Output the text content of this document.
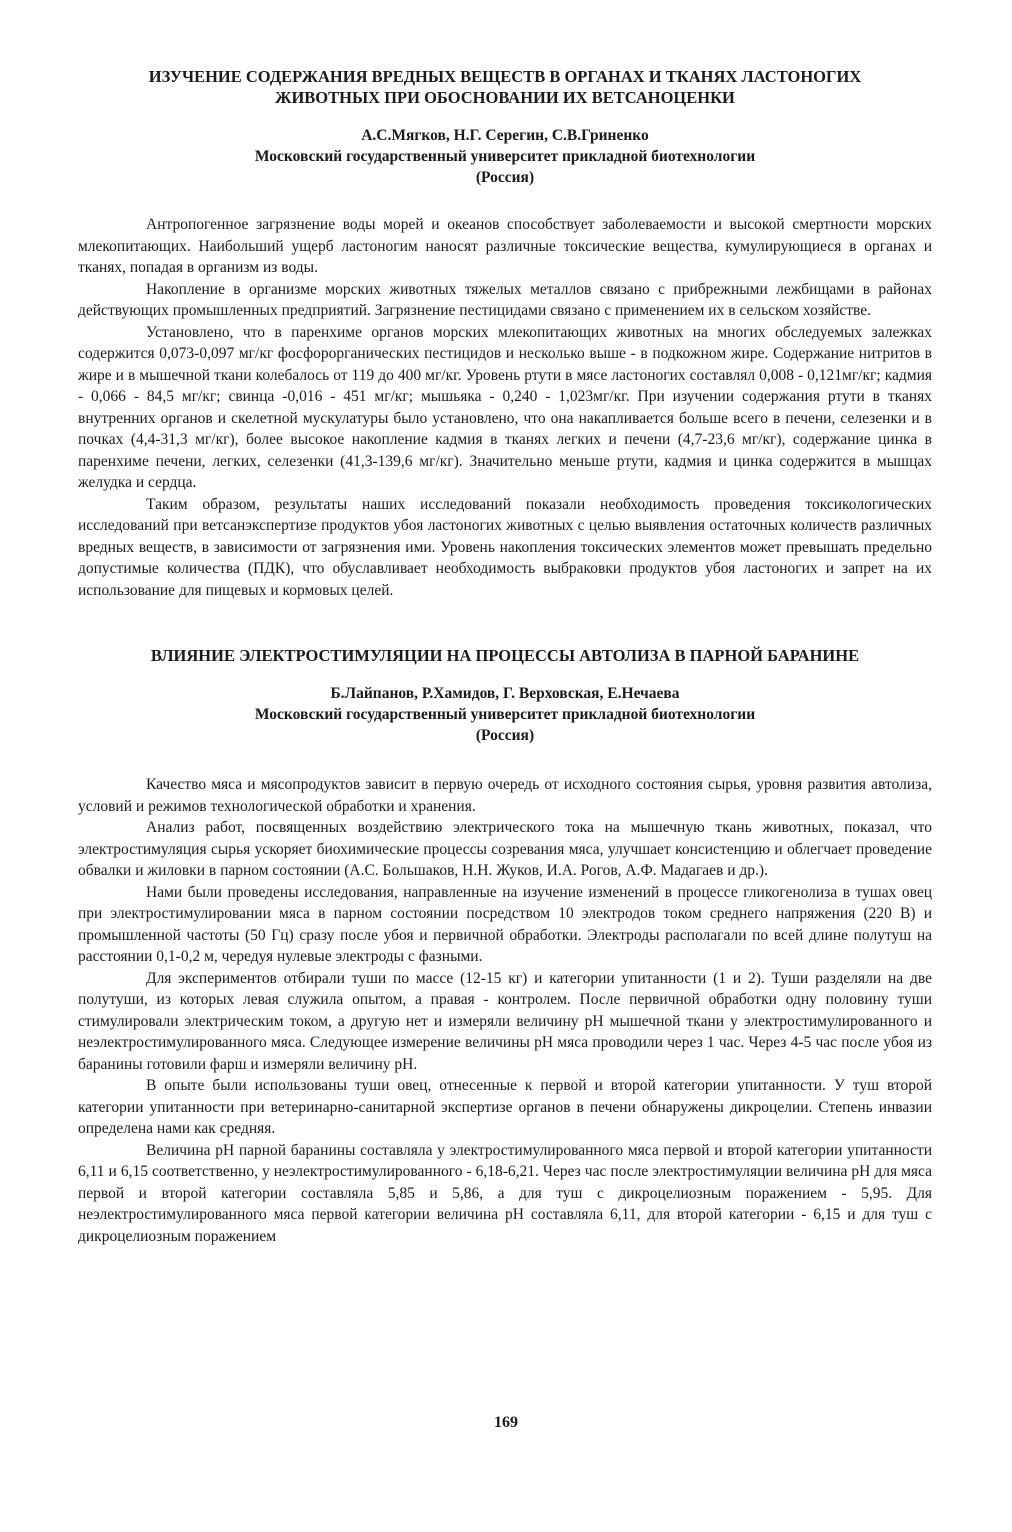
ИЗУЧЕНИЕ СОДЕРЖАНИЯ ВРЕДНЫХ ВЕЩЕСТВ В ОРГАНАХ И ТКАНЯХ ЛАСТОНОГИХ
ЖИВОТНЫХ ПРИ ОБОСНОВАНИИ ИХ ВЕТСАНОЦЕНКИ

А.С.Мягков, Н.Г. Серегин, С.В.Гриненко

Московский государственный университет прикладной биотехнологии

(Россия)

Антропогенное загрязнение воды морей и океанов способствует заболеваемости и высокой смертности морских млекопитающих. Наибольший ущерб ластоногим наносят различные токсические вещества, кумулирующиеся в органах и тканях, попадая в организм из воды.

Накопление в организме морских животных тяжелых металлов связано с прибрежными лежбищами в районах действующих промышленных предприятий. Загрязнение пестицидами связано с применением их в сельском хозяйстве.

Установлено, что в паренхиме органов морских млекопитающих животных на многих обследуемых залежках содержится 0,073-0,097 мг/кг фосфорорганических пестицидов и несколько выше - в подкожном жире. Содержание нитритов в жире и в мышечной ткани колебалось от 119 до 400 мг/кг. Уровень ртути в мясе ластоногих составлял 0,008 - 0,121мг/кг; кадмия - 0,066 - 84,5 мг/кг; свинца -0,016 - 451 мг/кг; мышьяка - 0,240 - 1,023мг/кг. При изучении содержания ртути в тканях внутренних органов и скелетной мускулатуры было установлено, что она накапливается больше всего в печени, селезенки и в почках (4,4-31,3 мг/кг), более высокое накопление кадмия в тканях легких и печени (4,7-23,6 мг/кг), содержание цинка в паренхиме печени, легких, селезенки (41,3-139,6 мг/кг). Значительно меньше ртути, кадмия и цинка содержится в мышцах желудка и сердца.

Таким образом, результаты наших исследований показали необходимость проведения токсикологических исследований при ветсанэкспертизе продуктов убоя ластоногих животных с целью выявления остаточных количеств различных вредных веществ, в зависимости от загрязнения ими. Уровень накопления токсических элементов может превышать предельно допустимые количества (ПДК), что обуславливает необходимость выбраковки продуктов убоя ластоногих и запрет на их использование для пищевых и кормовых целей.

ВЛИЯНИЕ ЭЛЕКТРОСТИМУЛЯЦИИ НА ПРОЦЕССЫ АВТОЛИЗА В ПАРНОЙ БАРАНИНЕ

Б.Лайпанов, Р.Хамидов, Г. Верховская, Е.Нечаева

Московский государственный университет прикладной биотехнологии

(Россия)

Качество мяса и мясопродуктов зависит в первую очередь от исходного состояния сырья, уровня развития автолиза, условий и режимов технологической обработки и хранения.

Анализ работ, посвященных воздействию электрического тока на мышечную ткань животных, показал, что электростимуляция сырья ускоряет биохимические процессы созревания мяса, улучшает консистенцию и облегчает проведение обвалки и жиловки в парном состоянии (А.С. Большаков, Н.Н. Жуков, И.А. Рогов, А.Ф. Мадагаев и др.).

Нами были проведены исследования, направленные на изучение изменений в процессе гликогенолиза в тушах овец при электростимулировании мяса в парном состоянии посредством 10 электродов током среднего напряжения (220 В) и промышленной частоты (50 Гц) сразу после убоя и первичной обработки. Электроды располагали по всей длине полутуш на расстоянии 0,1-0,2 м, чередуя нулевые электроды с фазными.

Для экспериментов отбирали туши по массе (12-15 кг) и категории упитанности (1 и 2). Туши разделяли на две полутуши, из которых левая служила опытом, а правая - контролем. После первичной обработки одну половину туши стимулировали электрическим током, а другую нет и измеряли величину pH мышечной ткани у электростимулированного и неэлектростимулированного мяса. Следующее измерение величины pH мяса проводили через 1 час. Через 4-5 час после убоя из баранины готовили фарш и измеряли величину pH.

В опыте были использованы туши овец, отнесенные к первой и второй категории упитанности. У туш второй категории упитанности при ветеринарно-санитарной экспертизе органов в печени обнаружены дикроцелии. Степень инвазии определена нами как средняя.

Величина pH парной баранины составляла у электростимулированного мяса первой и второй категории упитанности 6,11 и 6,15 соответственно, у неэлектростимулированного - 6,18-6,21. Через час после электростимуляции величина pH для мяса первой и второй категории составляла 5,85 и 5,86, а для туш с дикроцелиозным поражением - 5,95. Для неэлектростимулированного мяса первой категории величина pH составляла 6,11, для второй категории - 6,15 и для туш с дикроцелиозным поражением

169
